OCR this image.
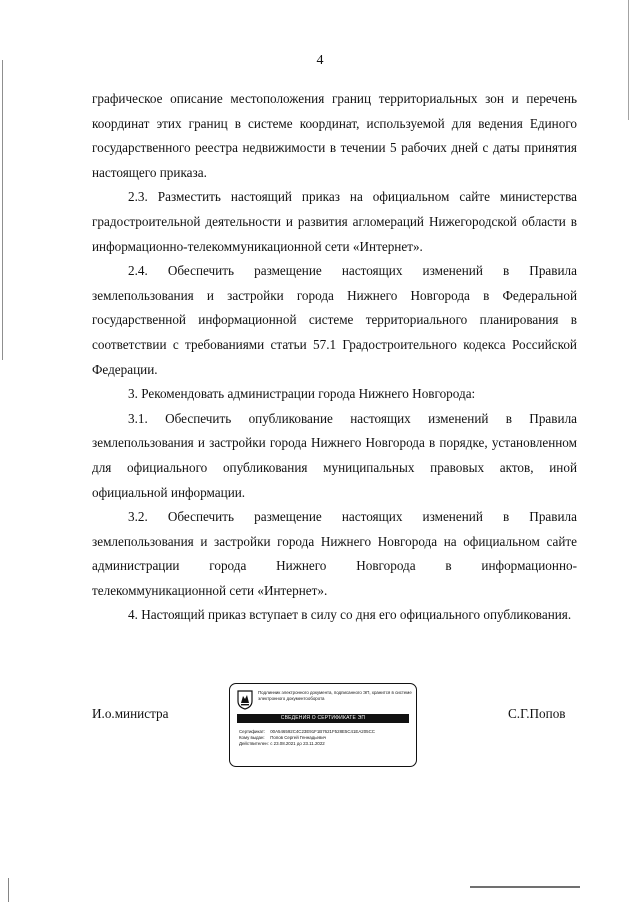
4

графическое описание местоположения границ территориальных зон и перечень координат этих границ в системе координат, используемой для ведения Единого государственного реестра недвижимости в течении 5 рабочих дней с даты принятия настоящего приказа.

2.3. Разместить настоящий приказ на официальном сайте министерства градостроительной деятельности и развития агломераций Нижегородской области в информационно-телекоммуникационной сети «Интернет».

2.4. Обеспечить размещение настоящих изменений в Правила землепользования и застройки города Нижнего Новгорода в Федеральной государственной информационной системе территориального планирования в соответствии с требованиями статьи 57.1 Градостроительного кодекса Российской Федерации.

3. Рекомендовать администрации города Нижнего Новгорода:

3.1. Обеспечить опубликование настоящих изменений в Правила землепользования и застройки города Нижнего Новгорода в порядке, установленном для официального опубликования муниципальных правовых актов, иной официальной информации.

3.2. Обеспечить размещение настоящих изменений в Правила землепользования и застройки города Нижнего Новгорода на официальном сайте администрации города Нижнего Новгорода в информационно-телекоммуникационной сети «Интернет».

4. Настоящий приказ вступает в силу со дня его официального опубликования.

И.о.министра	С.Г.Попов
Подлинник электронного документа, подписанного ЭП, хранится в системе электронного документооборота
СВЕДЕНИЯ О СЕРТИФИКАТЕ ЭП
Сертификат: 00A546592C4C23E91F1B7621F528E5C41EA205CC
Кому выдан: Попов Сергей Геннадьевич
Действителен: с 23.08.2021 до 23.11.2022
